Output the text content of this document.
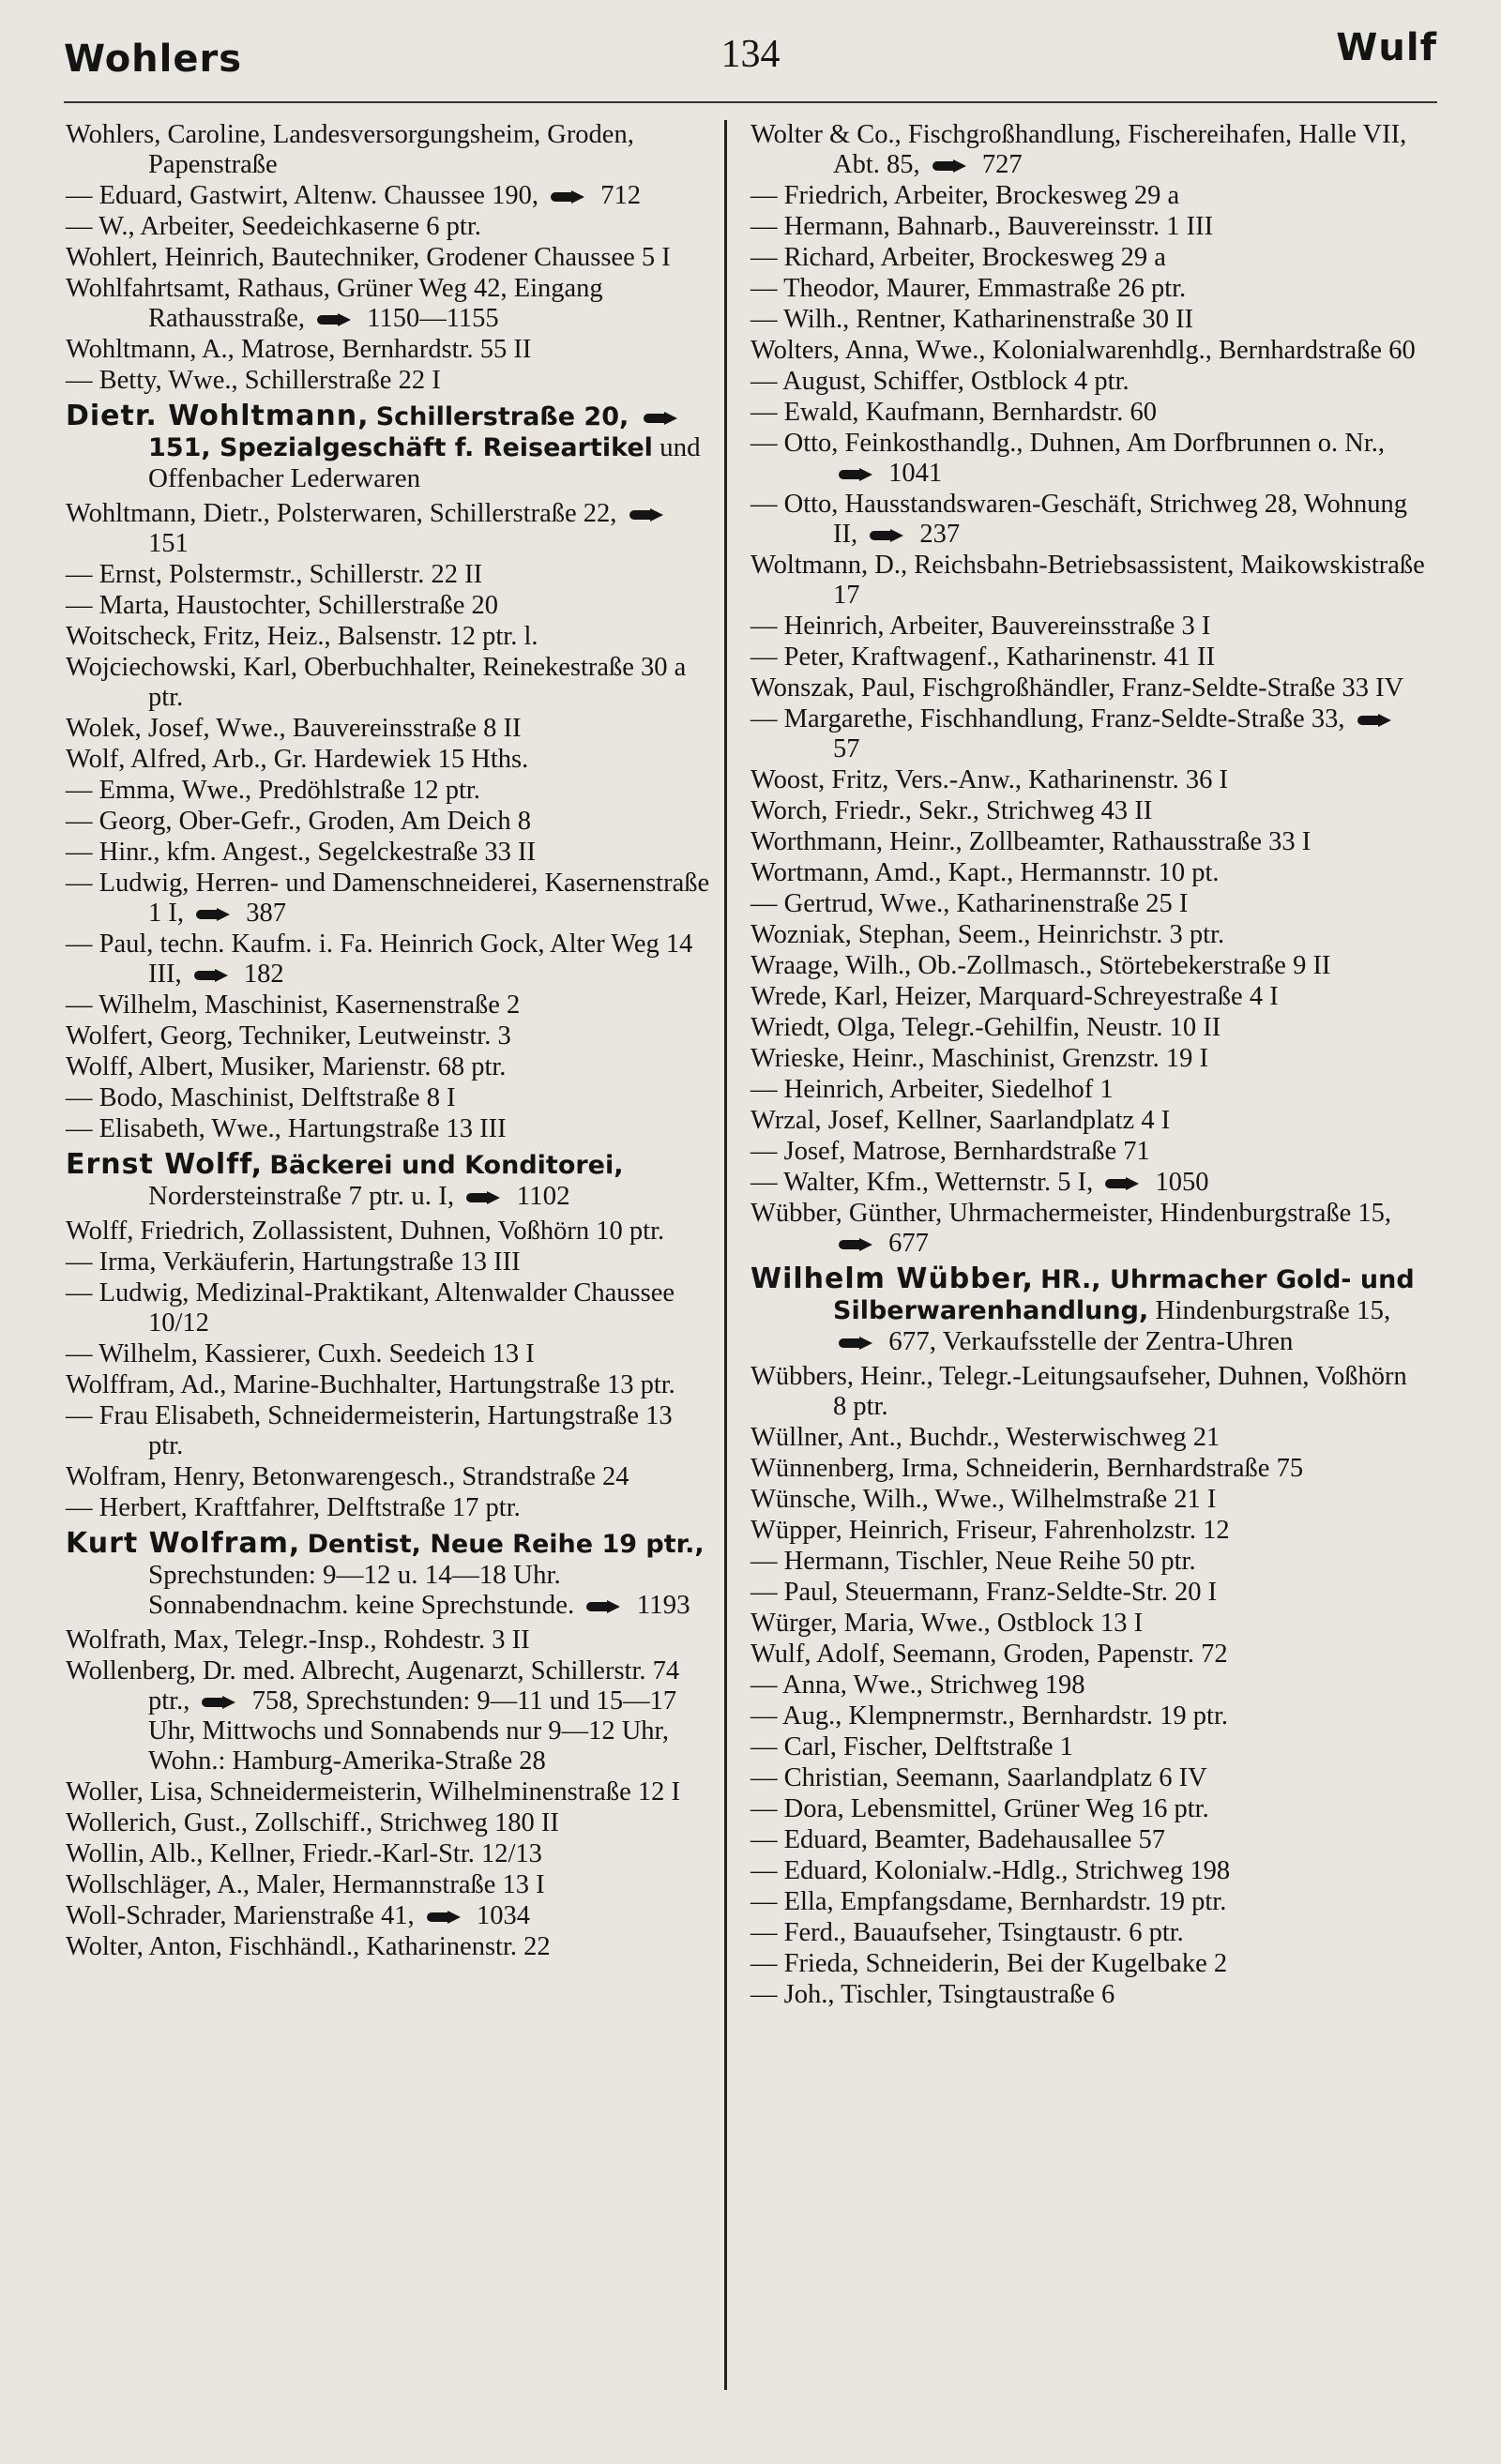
Wohlers	134	Wulf
Wohlers, Caroline, Landesversorgungsheim, Groden, Papenstraße
— Eduard, Gastwirt, Altenw. Chaussee 190,  712
— W., Arbeiter, Seedeichkaserne 6 ptr.
Wohlert, Heinrich, Bautechniker, Grodener Chaussee 5 I
Wohlfahrtsamt, Rathaus, Grüner Weg 42, Eingang Rathausstraße,  1150—1155
Wohltmann, A., Matrose, Bernhardstr. 55 II
— Betty, Wwe., Schillerstraße 22 I
Dietr. Wohltmann, Schillerstraße 20,  151, Spezialgeschäft f. Reiseartikel und Offenbacher Lederwaren
Wohltmann, Dietr., Polsterwaren, Schillerstraße 22,  151
— Ernst, Polstermstr., Schillerstr. 22 II
— Marta, Haustochter, Schillerstraße 20
Woitscheck, Fritz, Heiz., Balsenstr. 12 ptr. l.
Wojciechowski, Karl, Oberbuchhalter, Reinekestraße 30 a ptr.
Wolek, Josef, Wwe., Bauvereinsstraße 8 II
Wolf, Alfred, Arb., Gr. Hardewiek 15 Hths.
— Emma, Wwe., Predöhlstraße 12 ptr.
— Georg, Ober-Gefr., Groden, Am Deich 8
— Hinr., kfm. Angest., Segelckestraße 33 II
— Ludwig, Herren- und Damenschneiderei, Kasernenstraße 1 I,  387
— Paul, techn. Kaufm. i. Fa. Heinrich Gock, Alter Weg 14 III,  182
— Wilhelm, Maschinist, Kasernenstraße 2
Wolfert, Georg, Techniker, Leutweinstr. 3
Wolff, Albert, Musiker, Marienstr. 68 ptr.
— Bodo, Maschinist, Delftstraße 8 I
— Elisabeth, Wwe., Hartungstraße 13 III
Ernst Wolff, Bäckerei und Konditorei, Nordersteinstraße 7 ptr. u. I,  1102
Wolff, Friedrich, Zollassistent, Duhnen, Voßhörn 10 ptr.
— Irma, Verkäuferin, Hartungstraße 13 III
— Ludwig, Medizinal-Praktikant, Altenwalder Chaussee 10/12
— Wilhelm, Kassierer, Cuxh. Seedeich 13 I
Wolffram, Ad., Marine-Buchhalter, Hartungstraße 13 ptr.
— Frau Elisabeth, Schneidermeisterin, Hartungstraße 13 ptr.
Wolfram, Henry, Betonwarengesch., Strandstraße 24
— Herbert, Kraftfahrer, Delftstraße 17 ptr.
Kurt Wolfram, Dentist, Neue Reihe 19 ptr., Sprechstunden: 9—12 u. 14—18 Uhr. Sonnabendnachm. keine Sprechstunde.  1193
Wolfrath, Max, Telegr.-Insp., Rohdestr. 3 II
Wollenberg, Dr. med. Albrecht, Augenarzt, Schillerstr. 74 ptr.,  758, Sprechstunden: 9—11 und 15—17 Uhr, Mittwochs und Sonnabends nur 9—12 Uhr, Wohn.: Hamburg-Amerika-Straße 28
Woller, Lisa, Schneidermeisterin, Wilhelminenstraße 12 I
Wollerich, Gust., Zollschiff., Strichweg 180 II
Wollin, Alb., Kellner, Friedr.-Karl-Str. 12/13
Wollschläger, A., Maler, Hermannstraße 13 I
Woll-Schrader, Marienstraße 41,  1034
Wolter, Anton, Fischhändl., Katharinenstr. 22
Wolter & Co., Fischgroßhandlung, Fischereihafen, Halle VII, Abt. 85,  727
— Friedrich, Arbeiter, Brockesweg 29 a
— Hermann, Bahnarb., Bauvereinsstr. 1 III
— Richard, Arbeiter, Brockesweg 29 a
— Theodor, Maurer, Emmastraße 26 ptr.
— Wilh., Rentner, Katharinenstraße 30 II
Wolters, Anna, Wwe., Kolonialwarenhdlg., Bernhardstraße 60
— August, Schiffer, Ostblock 4 ptr.
— Ewald, Kaufmann, Bernhardstr. 60
— Otto, Feinkosthandlg., Duhnen, Am Dorfbrunnen o. Nr.,  1041
— Otto, Hausstandswaren-Geschäft, Strichweg 28, Wohnung II,  237
Woltmann, D., Reichsbahn-Betriebsassistent, Maikowskistraße 17
— Heinrich, Arbeiter, Bauvereinsstraße 3 I
— Peter, Kraftwagenf., Katharinenstr. 41 II
Wonszak, Paul, Fischgroßhändler, Franz-Seldte-Straße 33 IV
— Margarethe, Fischhandlung, Franz-Seldte-Straße 33,  57
Woost, Fritz, Vers.-Anw., Katharinenstr. 36 I
Worch, Friedr., Sekr., Strichweg 43 II
Worthmann, Heinr., Zollbeamter, Rathausstraße 33 I
Wortmann, Amd., Kapt., Hermannstr. 10 pt.
— Gertrud, Wwe., Katharinenstraße 25 I
Wozniak, Stephan, Seem., Heinrichstr. 3 ptr.
Wraage, Wilh., Ob.-Zollmasch., Störtebekerstraße 9 II
Wrede, Karl, Heizer, Marquard-Schreyestraße 4 I
Wriedt, Olga, Telegr.-Gehilfin, Neustr. 10 II
Wrieske, Heinr., Maschinist, Grenzstr. 19 I
— Heinrich, Arbeiter, Siedelhof 1
Wrzal, Josef, Kellner, Saarlandplatz 4 I
— Josef, Matrose, Bernhardstraße 71
— Walter, Kfm., Wetternstr. 5 I,  1050
Wübber, Günther, Uhrmachermeister, Hindenburgstraße 15,  677
Wilhelm Wübber, HR., Uhrmacher Gold- und Silberwarenhandlung, Hindenburgstraße 15,  677, Verkaufsstelle der Zentra-Uhren
Wübbers, Heinr., Telegr.-Leitungsaufseher, Duhnen, Voßhörn 8 ptr.
Wüllner, Ant., Buchdr., Westerwischweg 21
Wünnenberg, Irma, Schneiderin, Bernhardstraße 75
Wünsche, Wilh., Wwe., Wilhelmstraße 21 I
Wüpper, Heinrich, Friseur, Fahrenholzstr. 12
— Hermann, Tischler, Neue Reihe 50 ptr.
— Paul, Steuermann, Franz-Seldte-Str. 20 I
Würger, Maria, Wwe., Ostblock 13 I
Wulf, Adolf, Seemann, Groden, Papenstr. 72
— Anna, Wwe., Strichweg 198
— Aug., Klempnermstr., Bernhardstr. 19 ptr.
— Carl, Fischer, Delftstraße 1
— Christian, Seemann, Saarlandplatz 6 IV
— Dora, Lebensmittel, Grüner Weg 16 ptr.
— Eduard, Beamter, Badehausallee 57
— Eduard, Kolonialw.-Hdlg., Strichweg 198
— Ella, Empfangsdame, Bernhardstr. 19 ptr.
— Ferd., Bauaufseher, Tsingtaustr. 6 ptr.
— Frieda, Schneiderin, Bei der Kugelbake 2
— Joh., Tischler, Tsingtaustraße 6
